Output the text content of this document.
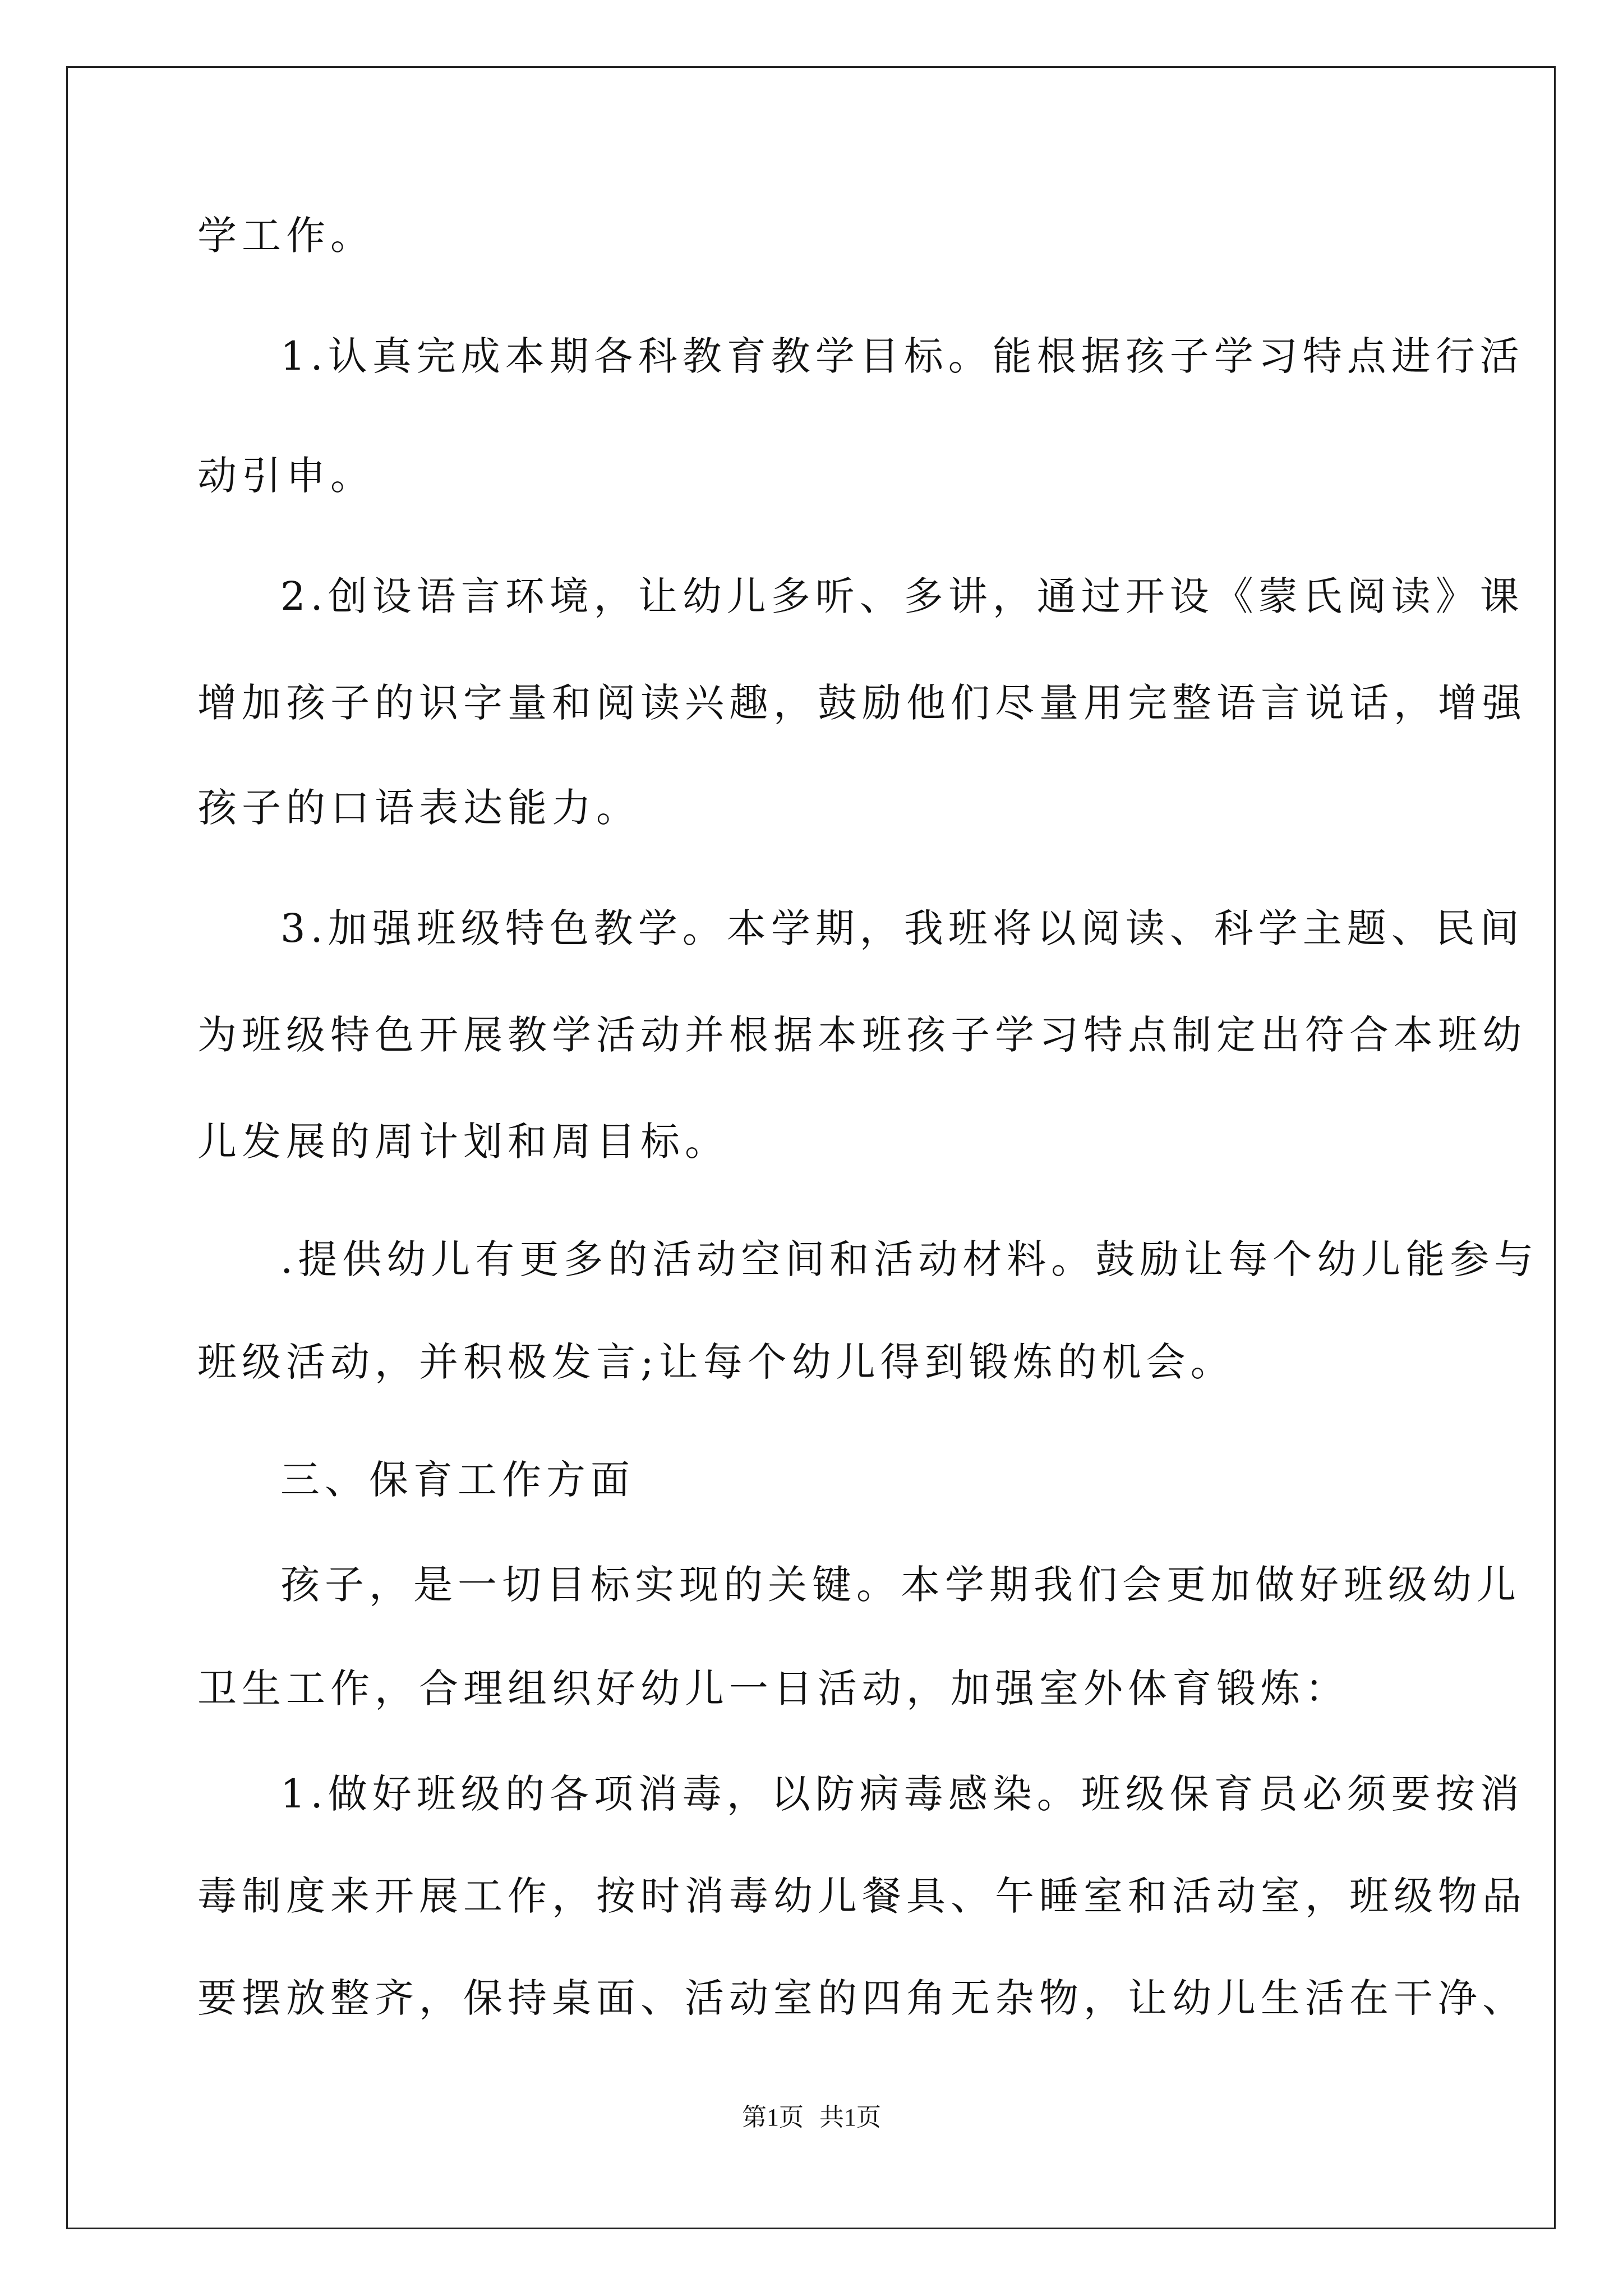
学工作。
1.认真完成本期各科教育教学目标。能根据孩子学习特点进行活
动引申。
2.创设语言环境，让幼儿多听、多讲，通过开设《蒙氏阅读》课
增加孩子的识字量和阅读兴趣，鼓励他们尽量用完整语言说话，增强
孩子的口语表达能力。
3.加强班级特色教学。本学期，我班将以阅读、科学主题、民间
为班级特色开展教学活动并根据本班孩子学习特点制定出符合本班幼
儿发展的周计划和周目标。
.提供幼儿有更多的活动空间和活动材料。鼓励让每个幼儿能参与
班级活动，并积极发言;让每个幼儿得到锻炼的机会。
三、保育工作方面
孩子，是一切目标实现的关键。本学期我们会更加做好班级幼儿
卫生工作，合理组织好幼儿一日活动，加强室外体育锻炼：
1.做好班级的各项消毒，以防病毒感染。班级保育员必须要按消
毒制度来开展工作，按时消毒幼儿餐具、午睡室和活动室，班级物品
要摆放整齐，保持桌面、活动室的四角无杂物，让幼儿生活在干净、
第1页 共1页
